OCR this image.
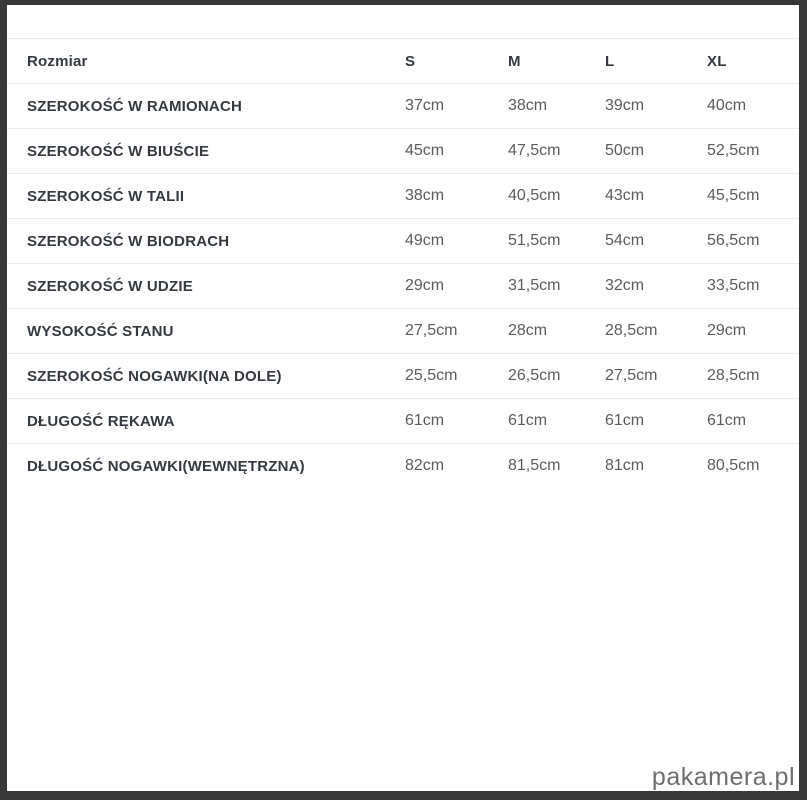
Rozmiar	S	M	L	XL
SZEROKOŚĆ W RAMIONACH	37cm	38cm	39cm	40cm
SZEROKOŚĆ W BIUŚCIE	45cm	47,5cm	50cm	52,5cm
SZEROKOŚĆ W TALII	38cm	40,5cm	43cm	45,5cm
SZEROKOŚĆ W BIODRACH	49cm	51,5cm	54cm	56,5cm
SZEROKOŚĆ W UDZIE	29cm	31,5cm	32cm	33,5cm
WYSOKOŚĆ STANU	27,5cm	28cm	28,5cm	29cm
SZEROKOŚĆ NOGAWKI(NA DOLE)	25,5cm	26,5cm	27,5cm	28,5cm
DŁUGOŚĆ RĘKAWA	61cm	61cm	61cm	61cm
DŁUGOŚĆ NOGAWKI(WEWNĘTRZNA)	82cm	81,5cm	81cm	80,5cm
pakamera.pl
